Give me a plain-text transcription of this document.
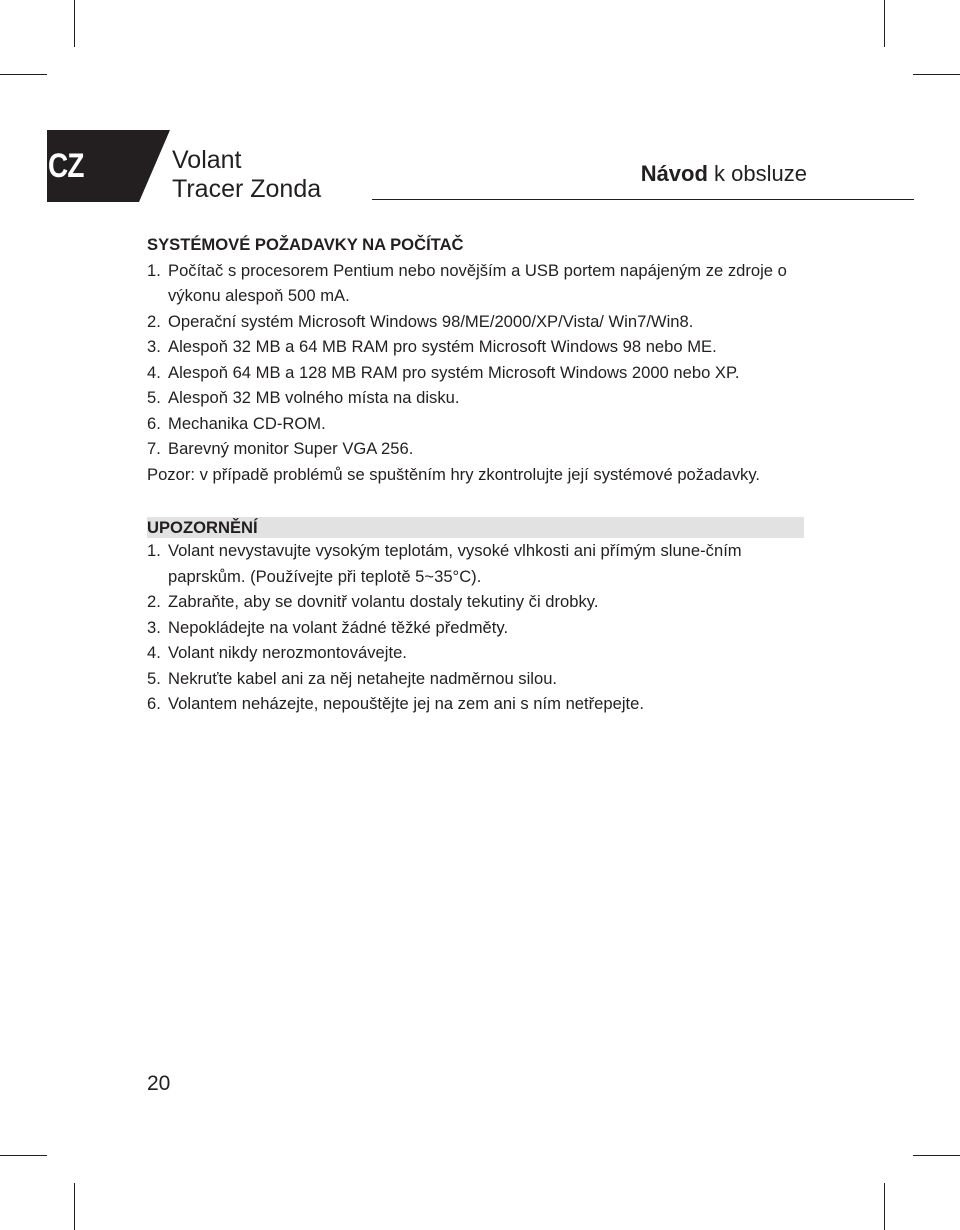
CZ	Volant
Tracer Zonda
Návod k obsluze
SYSTÉMOVÉ POŽADAVKY NA POČÍTAČ
1. Počítač s procesorem Pentium nebo novějším a USB portem napájeným ze zdroje o výkonu alespoň 500 mA.
2. Operační systém Microsoft Windows 98/ME/2000/XP/Vista/ Win7/Win8.
3. Alespoň 32 MB a 64 MB RAM pro systém Microsoft Windows 98 nebo ME.
4. Alespoň 64 MB a 128 MB RAM pro systém Microsoft Windows 2000 nebo XP.
5. Alespoň 32 MB volného místa na disku.
6. Mechanika CD-ROM.
7. Barevný monitor Super VGA 256.

Pozor: v případě problémů se spuštěním hry zkontrolujte její systémové požadavky.

UPOZORNĚNÍ
1. Volant nevystavujte vysokým teplotám, vysoké vlhkosti ani přímým slune-čním paprskům. (Používejte při teplotě 5~35°C).
2. Zabraňte, aby se dovnitř volantu dostaly tekutiny či drobky.
3. Nepokládejte na volant žádné těžké předměty.
4. Volant nikdy nerozmontovávejte.
5. Nekruťte kabel ani za něj netahejte nadměrnou silou.
6. Volantem neházejte, nepouštějte jej na zem ani s ním netřepejte.
20
